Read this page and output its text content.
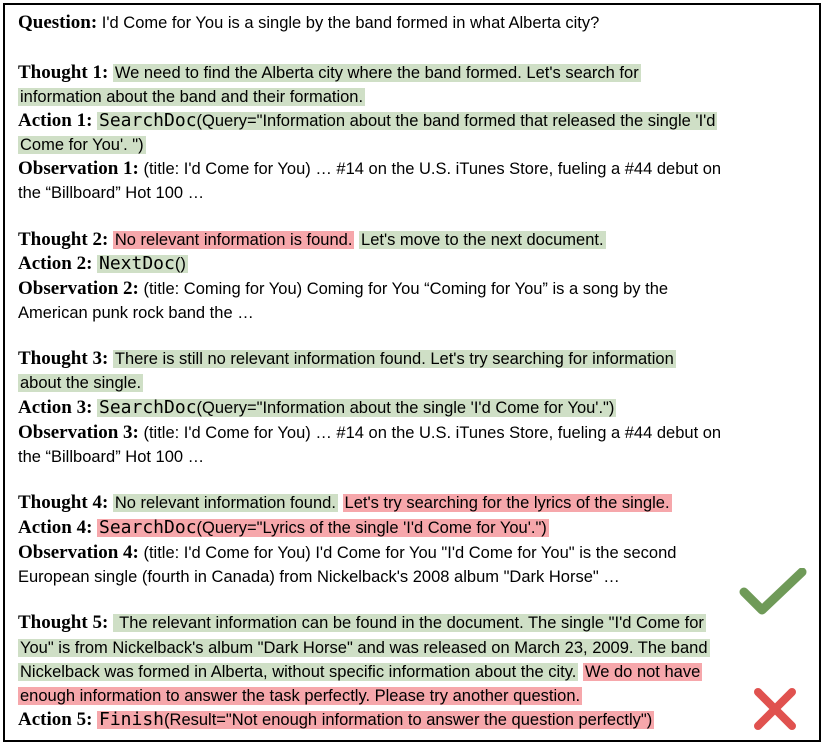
Question: I'd Come for You is a single by the band formed in what Alberta city?
Thought 1: We need to find the Alberta city where the band formed. Let's search for
information about the band and their formation.
Action 1: SearchDoc(Query="Information about the band formed that released the single 'I'd
Come for You'. ")
Observation 1: (title: I'd Come for You) … #14 on the U.S. iTunes Store, fueling a #44 debut on
the “Billboard” Hot 100 …
Thought 2: No relevant information is found. Let's move to the next document.
Action 2: NextDoc()
Observation 2: (title: Coming for You) Coming for You “Coming for You” is a song by the
American punk rock band the …
Thought 3: There is still no relevant information found. Let's try searching for information
about the single.
Action 3: SearchDoc(Query="Information about the single 'I'd Come for You'.")
Observation 3: (title: I'd Come for You) … #14 on the U.S. iTunes Store, fueling a #44 debut on
the “Billboard” Hot 100 …
Thought 4: No relevant information found. Let's try searching for the lyrics of the single.
Action 4: SearchDoc(Query="Lyrics of the single 'I'd Come for You'.")
Observation 4: (title: I'd Come for You) I'd Come for You "I'd Come for You" is the second
European single (fourth in Canada) from Nickelback's 2008 album "Dark Horse" …
Thought 5:  The relevant information can be found in the document. The single "I'd Come for
You" is from Nickelback's album "Dark Horse" and was released on March 23, 2009. The band
Nickelback was formed in Alberta, without specific information about the city. We do not have
enough information to answer the task perfectly. Please try another question.
Action 5: Finish(Result="Not enough information to answer the question perfectly")
